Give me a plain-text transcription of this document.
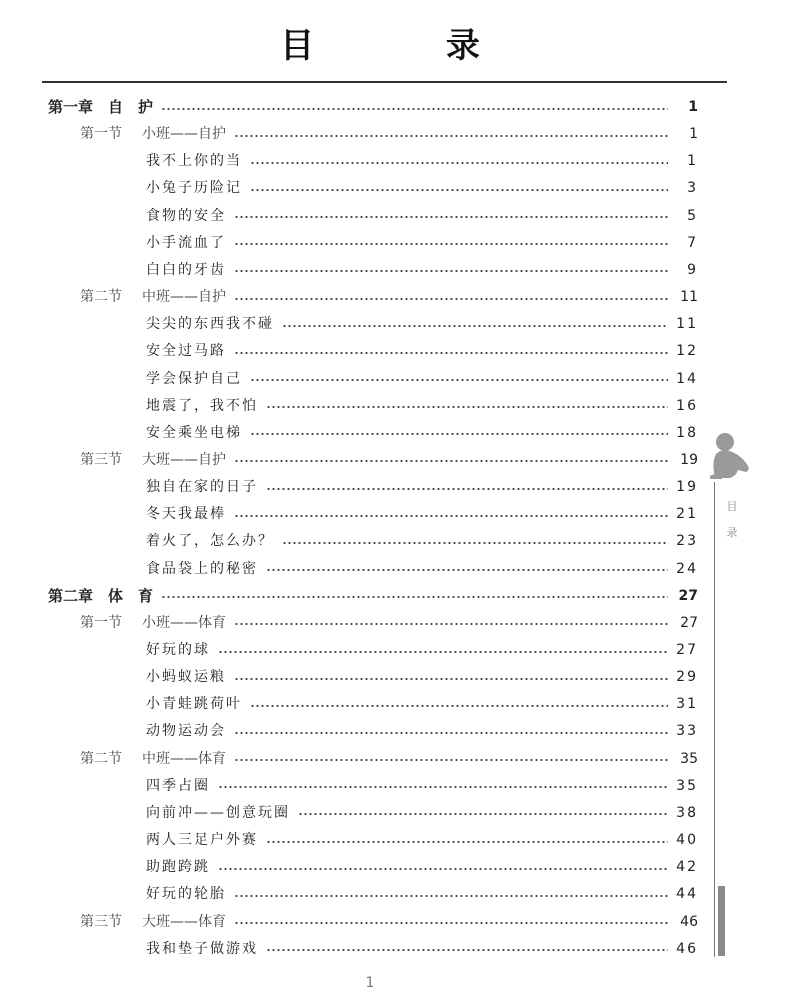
目 录
第一章　自　护	1
第一节 小班——自护	1
我不上你的当	1
小兔子历险记	3
食物的安全	5
小手流血了	7
白白的牙齿	9
第二节 中班——自护	11
尖尖的东西我不碰	11
安全过马路	12
学会保护自己	14
地震了，我不怕	16
安全乘坐电梯	18
第三节 大班——自护	19
独自在家的日子	19
冬天我最棒	21
着火了，怎么办？	23
食品袋上的秘密	24
第二章　体　育	27
第一节 小班——体育	27
好玩的球	27
小蚂蚁运粮	29
小青蛙跳荷叶	31
动物运动会	33
第二节 中班——体育	35
四季占圈	35
向前冲——创意玩圈	38
两人三足户外赛	40
助跑跨跳	42
好玩的轮胎	44
第三节 大班——体育	46
我和垫子做游戏	46
目
录
1
